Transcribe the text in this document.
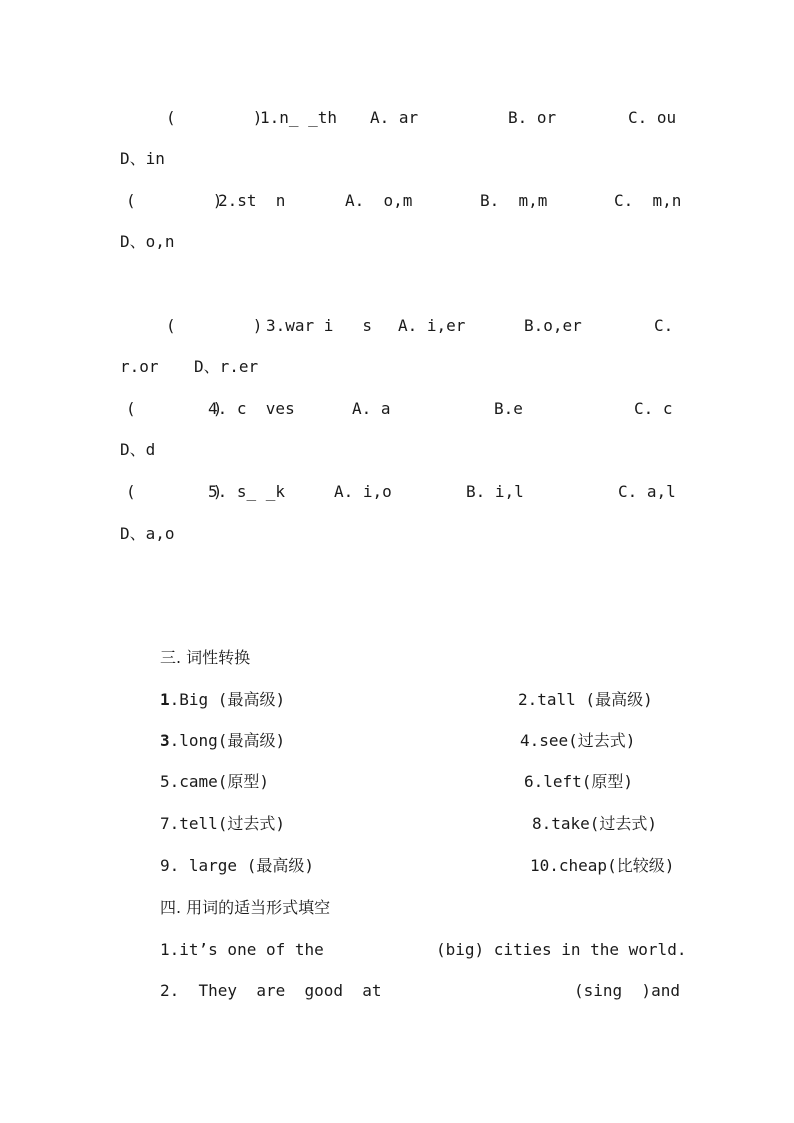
(        )
1.n_ _th A. ar	B. or	C. ou
D、in
(        )
2.st  n	A.  o,m	B.  m,m	C.  m,n
D、o,n
(        ) 3.war i   s A. i,er	B.o,er	C.
r.or D、r.er
(        )
4. c  ves	A. a	B.e	C. c
D、d
(        )
5. s_ _k	A. i,o	B. i,l	C. a,l
D、a,o
三. 词性转换
1.Big (最高级)	2.tall (最高级)
3.long(最高级)	4.see(过去式)
5.came(原型)	6.left(原型)
7.tell(过去式)	8.take(过去式)
9. large (最高级)	10.cheap(比较级)
四. 用词的适当形式填空
1.it’s one of the	(big) cities in the world.
2.  They  are  good  at	(sing  )and
